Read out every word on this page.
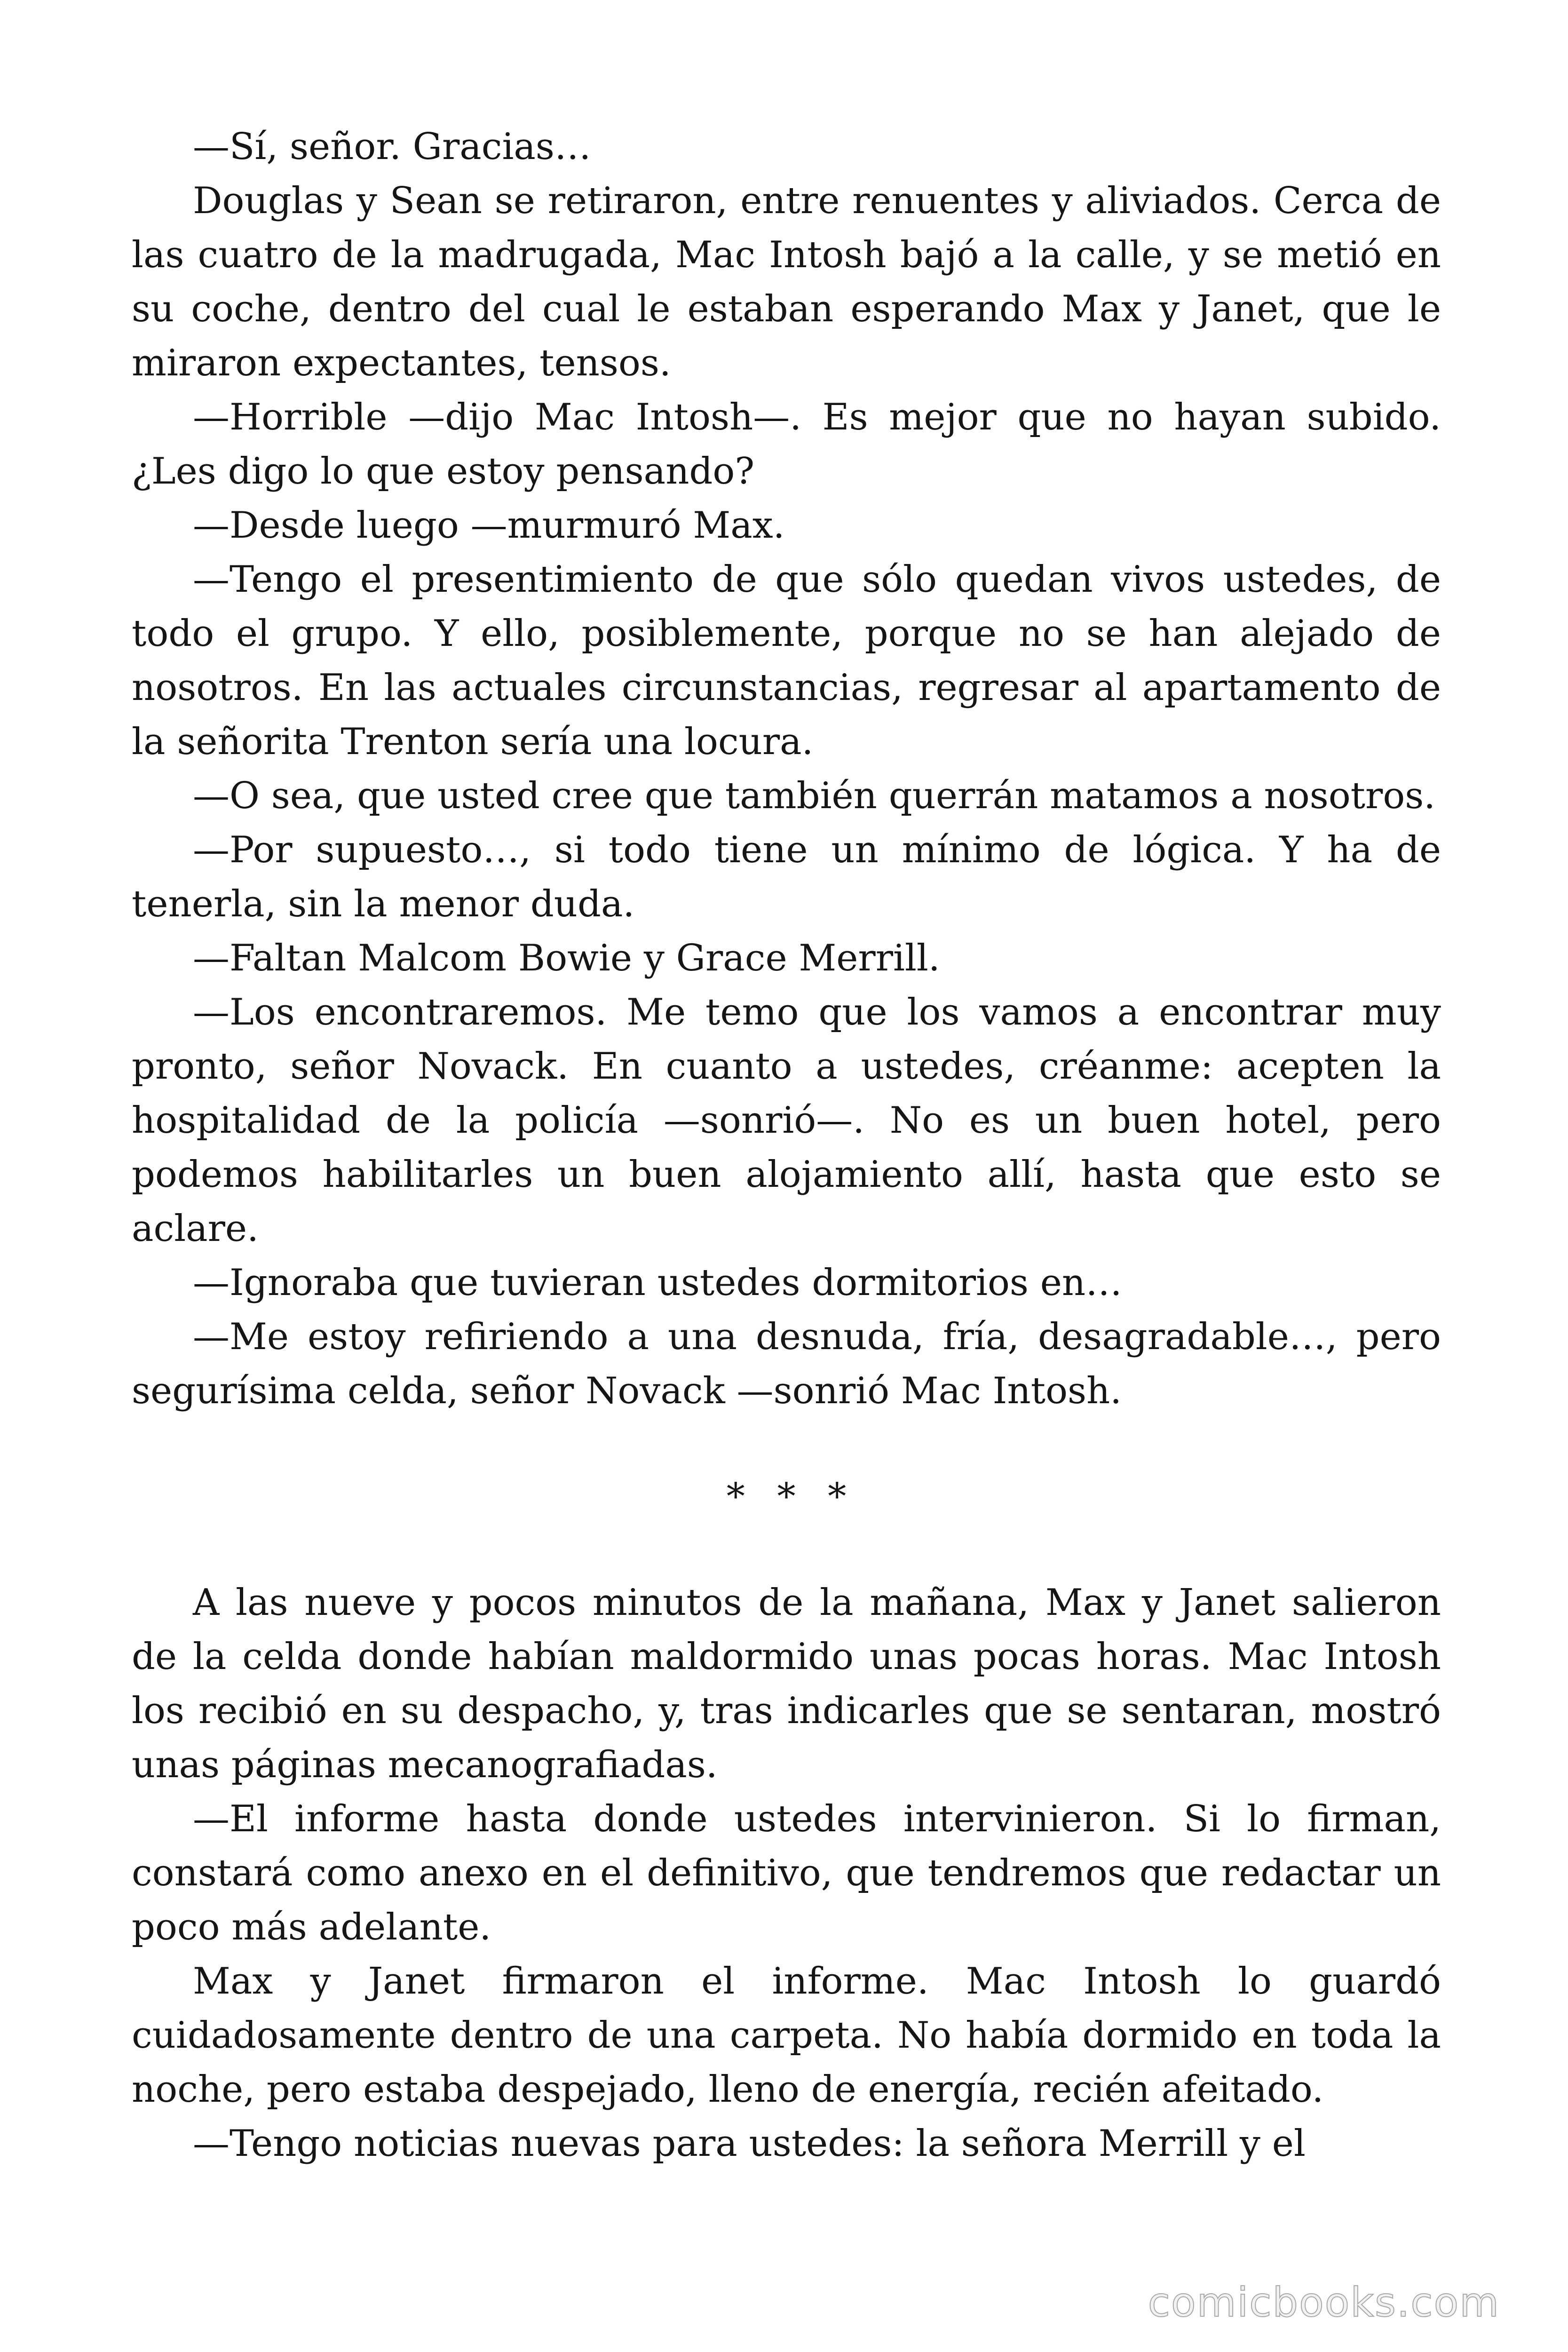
—Sí, señor. Gracias…

Douglas y Sean se retiraron, entre renuentes y aliviados. Cerca de las cuatro de la madrugada, Mac Intosh bajó a la calle, y se metió en su coche, dentro del cual le estaban esperando Max y Janet, que le miraron expectantes, tensos.

—Horrible —dijo Mac Intosh—. Es mejor que no hayan subido. ¿Les digo lo que estoy pensando?

—Desde luego —murmuró Max.

—Tengo el presentimiento de que sólo quedan vivos ustedes, de todo el grupo. Y ello, posiblemente, porque no se han alejado de nosotros. En las actuales circunstancias, regresar al apartamento de la señorita Trenton sería una locura.

—O sea, que usted cree que también querrán matamos a nosotros.

—Por supuesto…, si todo tiene un mínimo de lógica. Y ha de tenerla, sin la menor duda.

—Faltan Malcom Bowie y Grace Merrill.

—Los encontraremos. Me temo que los vamos a encontrar muy pronto, señor Novack. En cuanto a ustedes, créanme: acepten la hospitalidad de la policía —sonrió—. No es un buen hotel, pero podemos habilitarles un buen alojamiento allí, hasta que esto se aclare.

—Ignoraba que tuvieran ustedes dormitorios en…

—Me estoy refiriendo a una desnuda, fría, desagradable…, pero segurísima celda, señor Novack —sonrió Mac Intosh.

* * *

A las nueve y pocos minutos de la mañana, Max y Janet salieron de la celda donde habían maldormido unas pocas horas. Mac Intosh los recibió en su despacho, y, tras indicarles que se sentaran, mostró unas páginas mecanografiadas.

—El informe hasta donde ustedes intervinieron. Si lo firman, constará como anexo en el definitivo, que tendremos que redactar un poco más adelante.

Max y Janet firmaron el informe. Mac Intosh lo guardó cuidadosamente dentro de una carpeta. No había dormido en toda la noche, pero estaba despejado, lleno de energía, recién afeitado.

—Tengo noticias nuevas para ustedes: la señora Merrill y el

comicbooks.com
